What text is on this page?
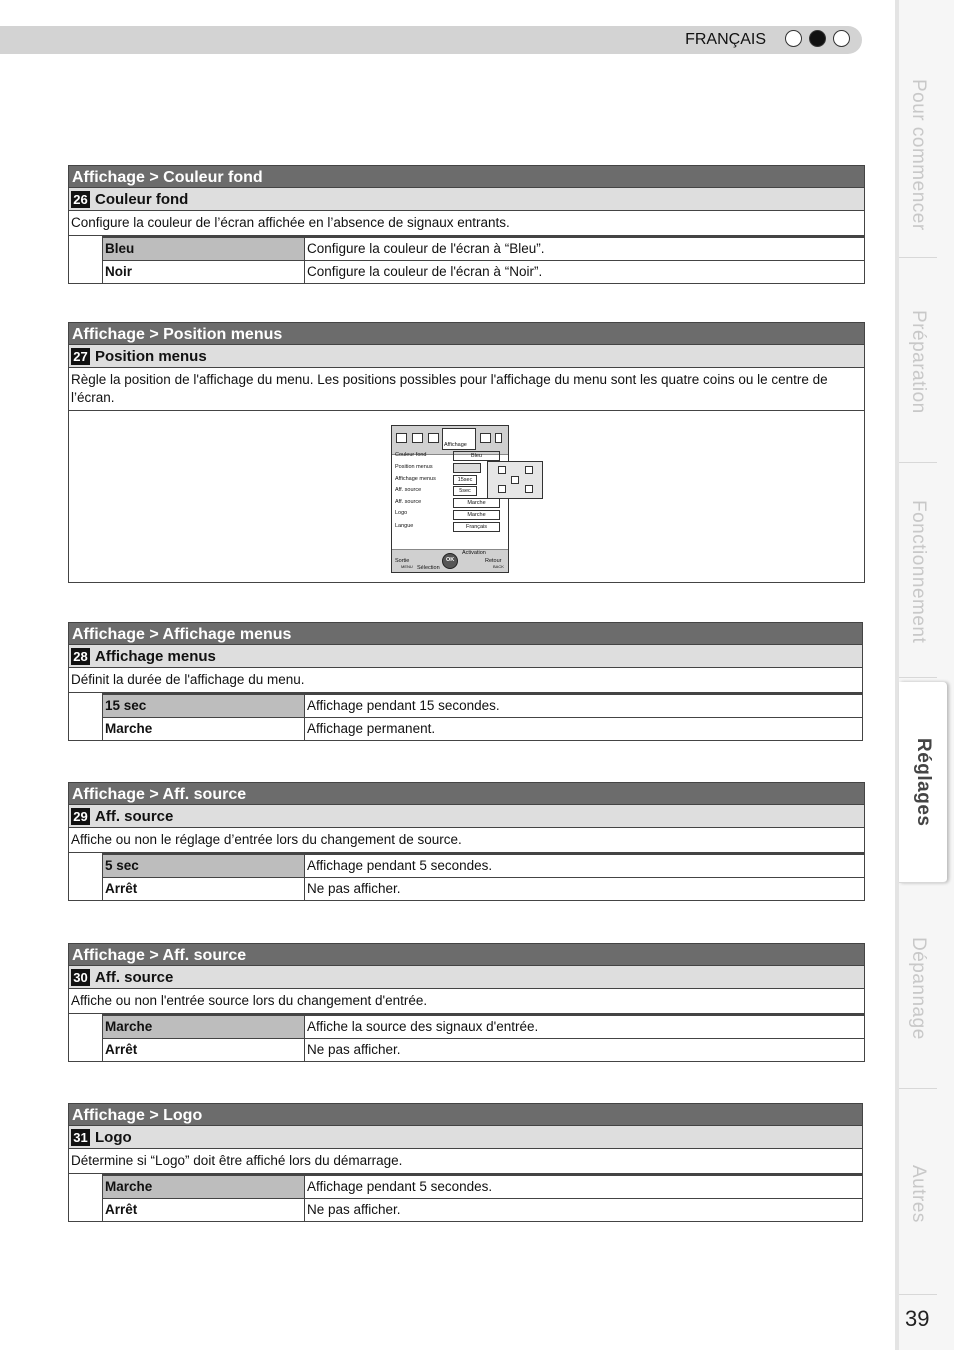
FRANÇAIS
Pour commencer
Préparation
Fonctionnement
Réglages
Dépannage
Autres
39
Affichage > Couleur fond
26 Couleur fond
Configure la couleur de l’écran affichée en l’absence de signaux entrants.
Bleu	Configure la couleur de l'écran à “Bleu”.
Noir	Configure la couleur de l'écran à “Noir”.
Affichage > Position menus
27 Position menus
Règle la position de l'affichage du menu. Les positions possibles pour l'affichage du menu sont les quatre coins ou le centre de l’écran.
Affichage
Couleur fond	Bleu
Position menus
Affichage menus	15sec
Aff. source	5sec
Aff. source	Marche
Logo	Marche
Langue	Français
Activation
Sortie
MENU
OK
Sélection
Retour
BACK
Affichage > Affichage menus
28 Affichage menus
Définit la durée de l'affichage du menu.
15 sec	Affichage pendant 15 secondes.
Marche	Affichage permanent.
Affichage > Aff. source
29 Aff. source
Affiche ou non le réglage d’entrée lors du changement de source.
5 sec	Affichage pendant 5 secondes.
Arrêt	Ne pas afficher.
Affichage > Aff. source
30 Aff. source
Affiche ou non l'entrée source lors du changement d'entrée.
Marche	Affiche la source des signaux d'entrée.
Arrêt	Ne pas afficher.
Affichage > Logo
31 Logo
Détermine si “Logo” doit être affiché lors du démarrage.
Marche	Affichage pendant 5 secondes.
Arrêt	Ne pas afficher.
